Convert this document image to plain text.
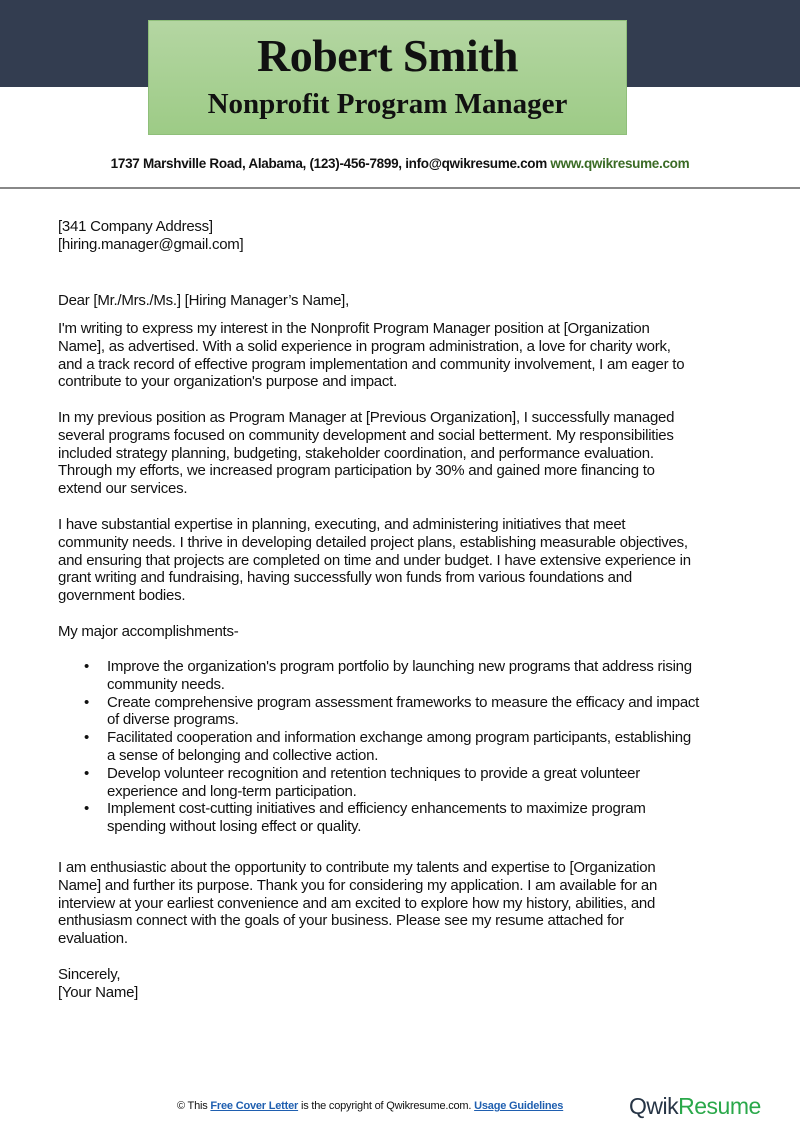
Robert Smith
Nonprofit Program Manager
1737 Marshville Road, Alabama, (123)-456-7899, info@qwikresume.com www.qwikresume.com
[341 Company Address]
[hiring.manager@gmail.com]
Dear [Mr./Mrs./Ms.] [Hiring Manager’s Name],
I'm writing to express my interest in the Nonprofit Program Manager position at [Organization
Name], as advertised. With a solid experience in program administration, a love for charity work,
and a track record of effective program implementation and community involvement, I am eager to
contribute to your organization's purpose and impact.
In my previous position as Program Manager at [Previous Organization], I successfully managed
several programs focused on community development and social betterment. My responsibilities
included strategy planning, budgeting, stakeholder coordination, and performance evaluation.
Through my efforts, we increased program participation by 30% and gained more financing to
extend our services.
I have substantial expertise in planning, executing, and administering initiatives that meet
community needs. I thrive in developing detailed project plans, establishing measurable objectives,
and ensuring that projects are completed on time and under budget. I have extensive experience in
grant writing and fundraising, having successfully won funds from various foundations and
government bodies.
My major accomplishments-
• Improve the organization's program portfolio by launching new programs that address rising
community needs.
• Create comprehensive program assessment frameworks to measure the efficacy and impact
of diverse programs.
• Facilitated cooperation and information exchange among program participants, establishing
a sense of belonging and collective action.
• Develop volunteer recognition and retention techniques to provide a great volunteer
experience and long-term participation.
• Implement cost-cutting initiatives and efficiency enhancements to maximize program
spending without losing effect or quality.
I am enthusiastic about the opportunity to contribute my talents and expertise to [Organization
Name] and further its purpose. Thank you for considering my application. I am available for an
interview at your earliest convenience and am excited to explore how my history, abilities, and
enthusiasm connect with the goals of your business. Please see my resume attached for
evaluation.
Sincerely,
[Your Name]
© This Free Cover Letter is the copyright of Qwikresume.com. Usage Guidelines	QwikResume
